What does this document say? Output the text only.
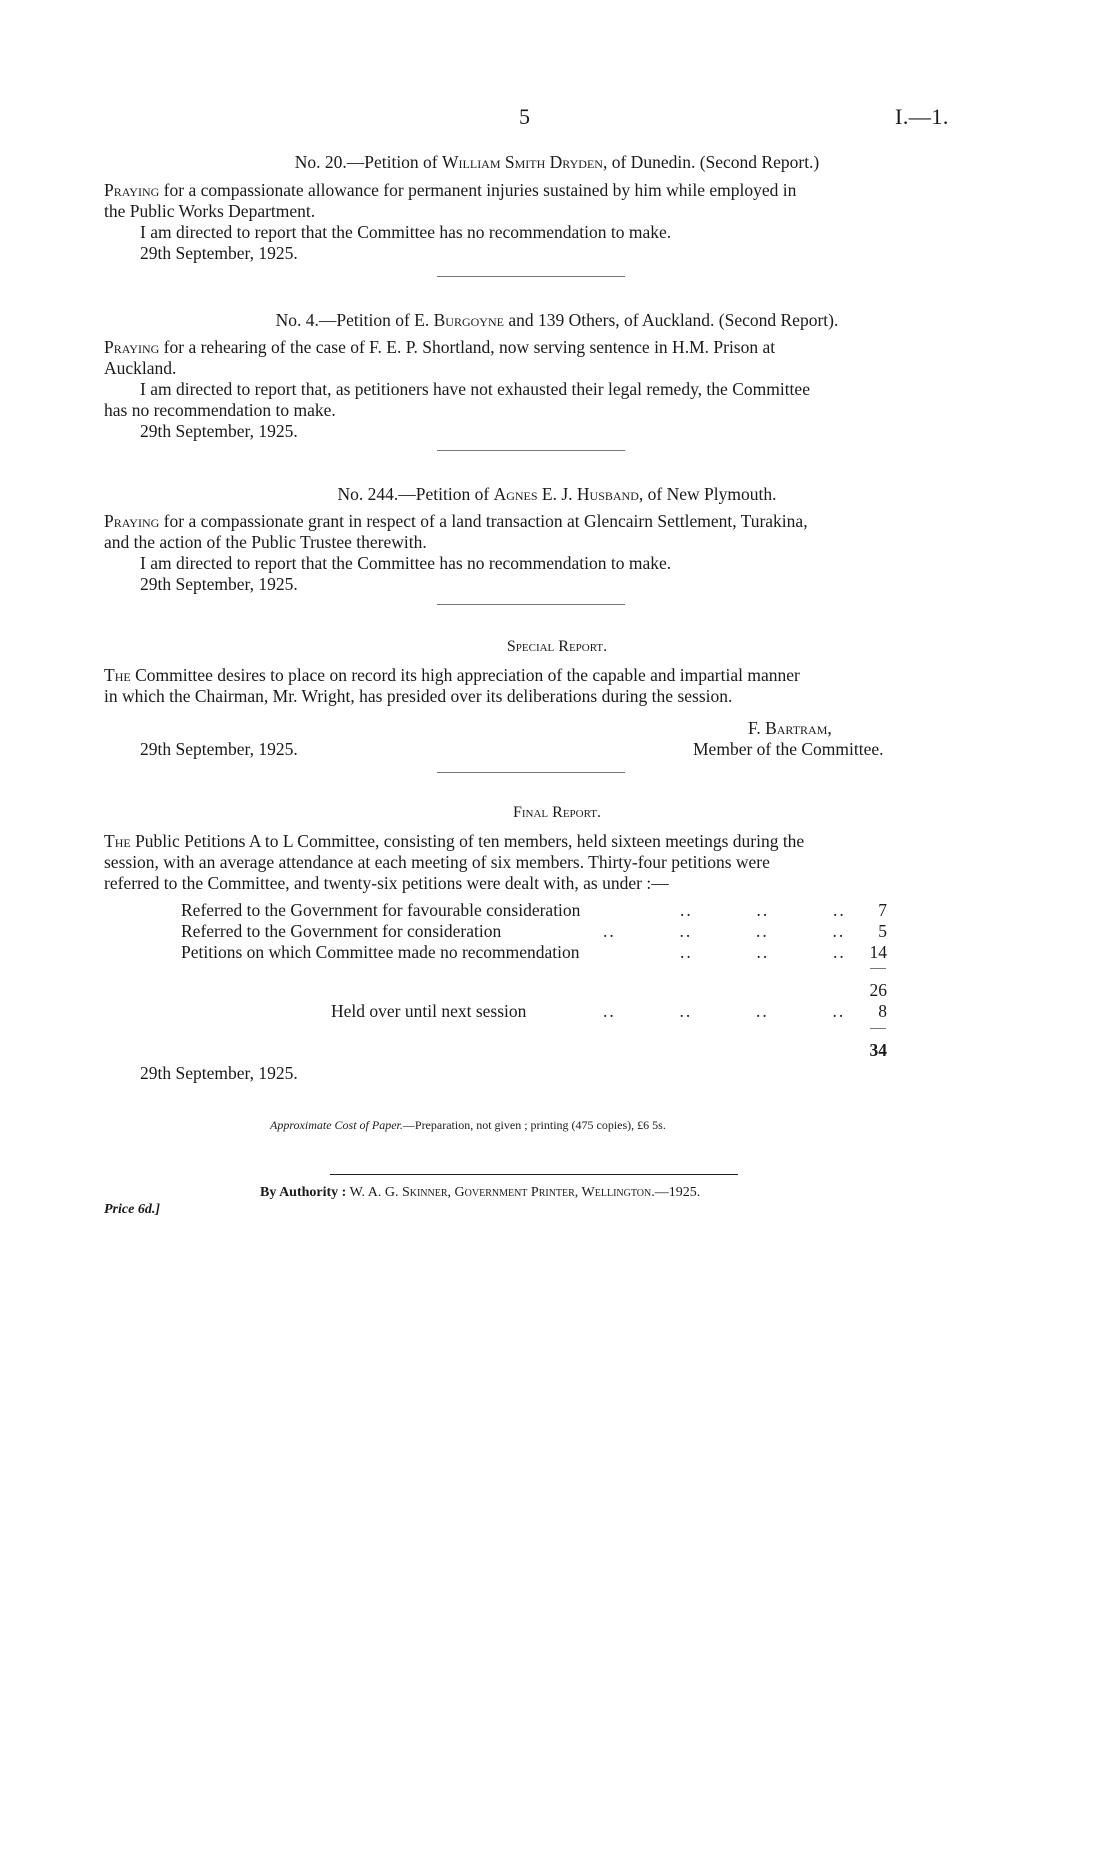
5	I.—1.
No. 20.—Petition of William Smith Dryden, of Dunedin. (Second Report.)
Praying for a compassionate allowance for permanent injuries sustained by him while employed in
the Public Works Department.
I am directed to report that the Committee has no recommendation to make.
29th September, 1925.
No. 4.—Petition of E. Burgoyne and 139 Others, of Auckland. (Second Report).
Praying for a rehearing of the case of F. E. P. Shortland, now serving sentence in H.M. Prison at
Auckland.
I am directed to report that, as petitioners have not exhausted their legal remedy, the Committee
has no recommendation to make.
29th September, 1925.
No. 244.—Petition of Agnes E. J. Husband, of New Plymouth.
Praying for a compassionate grant in respect of a land transaction at Glencairn Settlement, Turakina,
and the action of the Public Trustee therewith.
I am directed to report that the Committee has no recommendation to make.
29th September, 1925.
Special Report.
The Committee desires to place on record its high appreciation of the capable and impartial manner
in which the Chairman, Mr. Wright, has presided over its deliberations during the session.
F. Bartram,
29th September, 1925.	Member of the Committee.
Final Report.
The Public Petitions A to L Committee, consisting of ten members, held sixteen meetings during the
session, with an average attendance at each meeting of six members. Thirty-four petitions were
referred to the Committee, and twenty-six petitions were dealt with, as under :—
Referred to the Government for favourable consideration	..          ..          ..	7
Referred to the Government for consideration	..          ..          ..          ..	5
Petitions on which Committee made no recommendation	..          ..          ..	14
26
Held over until next session	..          ..          ..          ..	8
34
29th September, 1925.
Approximate Cost of Paper.—Preparation, not given ; printing (475 copies), £6 5s.
By Authority : W. A. G. Skinner, Government Printer, Wellington.—1925.
Price 6d.]
